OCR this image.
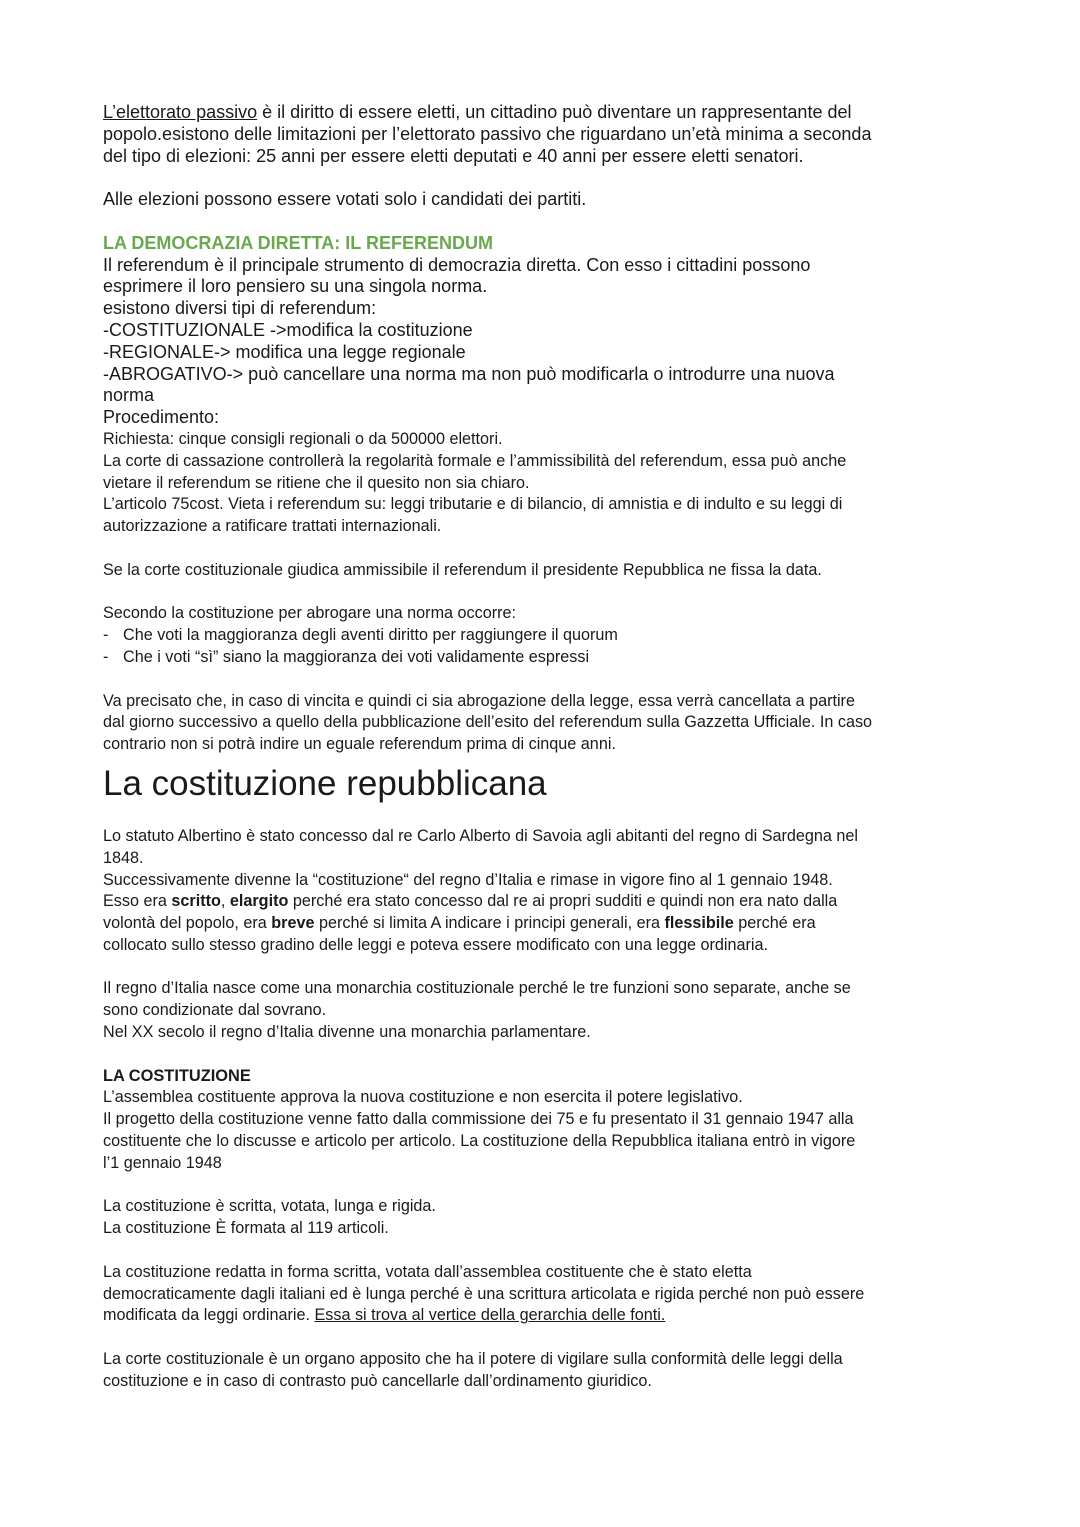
L’elettorato passivo è il diritto di essere eletti, un cittadino può diventare un rappresentante del

popolo.esistono delle limitazioni per l’elettorato passivo che riguardano un’età minima a seconda

del tipo di elezioni: 25 anni per essere eletti deputati e 40 anni per essere eletti senatori.

Alle elezioni possono essere votati solo i candidati dei partiti.

LA DEMOCRAZIA DIRETTA: IL REFERENDUM

Il referendum è il principale strumento di democrazia diretta. Con esso i cittadini possono

esprimere il loro pensiero su una singola norma.

esistono diversi tipi di referendum:

-COSTITUZIONALE ->modifica la costituzione

-REGIONALE-> modifica una legge regionale

-ABROGATIVO-> può cancellare una norma ma non può modificarla o introdurre una nuova

norma

Procedimento:

Richiesta: cinque consigli regionali o da 500000 elettori.

La corte di cassazione controllerà la regolarità formale e l’ammissibilità del referendum, essa può anche

vietare il referendum se ritiene che il quesito non sia chiaro.

L’articolo 75cost. Vieta i referendum su: leggi tributarie e di bilancio, di amnistia e di indulto e su leggi di

autorizzazione a ratificare trattati internazionali.

Se la corte costituzionale giudica ammissibile il referendum il presidente Repubblica ne fissa la data.

Secondo la costituzione per abrogare una norma occorre:

- Che voti la maggioranza degli aventi diritto per raggiungere il quorum

- Che i voti “sì” siano la maggioranza dei voti validamente espressi

Va precisato che, in caso di vincita e quindi ci sia abrogazione della legge, essa verrà cancellata a partire

dal giorno successivo a quello della pubblicazione dell’esito del referendum sulla Gazzetta Ufficiale. In caso

contrario non si potrà indire un eguale referendum prima di cinque anni.

La costituzione repubblicana

Lo statuto Albertino è stato concesso dal re Carlo Alberto di Savoia agli abitanti del regno di Sardegna nel

1848.

Successivamente divenne la “costituzione“ del regno d’Italia e rimase in vigore fino al 1 gennaio 1948.

Esso era scritto, elargito perché era stato concesso dal re ai propri sudditi e quindi non era nato dalla

volontà del popolo, era breve perché si limita A indicare i principi generali, era flessibile perché era

collocato sullo stesso gradino delle leggi e poteva essere modificato con una legge ordinaria.

Il regno d’Italia nasce come una monarchia costituzionale perché le tre funzioni sono separate, anche se

sono condizionate dal sovrano.

Nel XX secolo il regno d’Italia divenne una monarchia parlamentare.

LA COSTITUZIONE

L’assemblea costituente approva la nuova costituzione e non esercita il potere legislativo.

Il progetto della costituzione venne fatto dalla commissione dei 75 e fu presentato il 31 gennaio 1947 alla

costituente che lo discusse e articolo per articolo. La costituzione della Repubblica italiana entrò in vigore

l’1 gennaio 1948

La costituzione è scritta, votata, lunga e rigida.

La costituzione È formata al 119 articoli.

La costituzione redatta in forma scritta, votata dall’assemblea costituente che è stato eletta

democraticamente dagli italiani ed è lunga perché è una scrittura articolata e rigida perché non può essere

modificata da leggi ordinarie. Essa si trova al vertice della gerarchia delle fonti.

La corte costituzionale è un organo apposito che ha il potere di vigilare sulla conformità delle leggi della

costituzione e in caso di contrasto può cancellarle dall’ordinamento giuridico.
